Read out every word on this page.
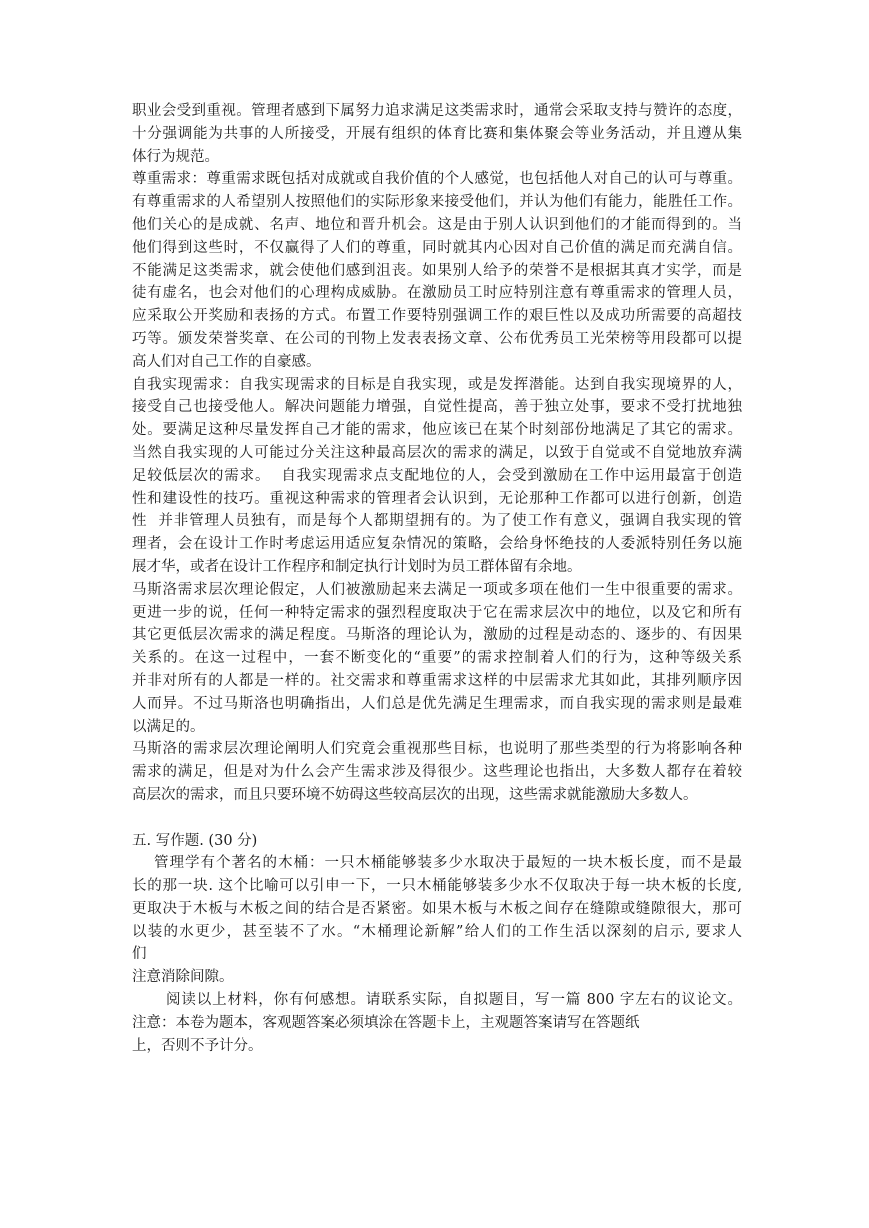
职业会受到重视。管理者感到下属努力追求满足这类需求时，通常会采取支持与赞许的态度，
十分强调能为共事的人所接受，开展有组织的体育比赛和集体聚会等业务活动，并且遵从集
体行为规范。
尊重需求：尊重需求既包括对成就或自我价值的个人感觉，也包括他人对自己的认可与尊重。
有尊重需求的人希望别人按照他们的实际形象来接受他们，并认为他们有能力，能胜任工作。
他们关心的是成就、名声、地位和晋升机会。这是由于别人认识到他们的才能而得到的。当
他们得到这些时，不仅赢得了人们的尊重，同时就其内心因对自己价值的满足而充满自信。
不能满足这类需求，就会使他们感到沮丧。如果别人给予的荣誉不是根据其真才实学，而是
徒有虚名，也会对他们的心理构成威胁。在激励员工时应特别注意有尊重需求的管理人员，
应采取公开奖励和表扬的方式。布置工作要特别强调工作的艰巨性以及成功所需要的高超技
巧等。颁发荣誉奖章、在公司的刊物上发表表扬文章、公布优秀员工光荣榜等用段都可以提
高人们对自己工作的自豪感。
自我实现需求：自我实现需求的目标是自我实现，或是发挥潜能。达到自我实现境界的人，
接受自己也接受他人。解决问题能力增强，自觉性提高，善于独立处事，要求不受打扰地独
处。要满足这种尽量发挥自己才能的需求，他应该已在某个时刻部份地满足了其它的需求。
当然自我实现的人可能过分关注这种最高层次的需求的满足，以致于自觉或不自觉地放弃满
足较低层次的需求。  自我实现需求点支配地位的人，会受到激励在工作中运用最富于创造
性和建设性的技巧。重视这种需求的管理者会认识到，无论那种工作都可以进行创新，创造
性  并非管理人员独有，而是每个人都期望拥有的。为了使工作有意义，强调自我实现的管
理者，会在设计工作时考虑运用适应复杂情况的策略，会给身怀绝技的人委派特别任务以施
展才华，或者在设计工作程序和制定执行计划时为员工群体留有余地。
马斯洛需求层次理论假定，人们被激励起来去满足一项或多项在他们一生中很重要的需求。
更进一步的说，任何一种特定需求的强烈程度取决于它在需求层次中的地位，以及它和所有
其它更低层次需求的满足程度。马斯洛的理论认为，激励的过程是动态的、逐步的、有因果
关系的。在这一过程中，一套不断变化的“重要”的需求控制着人们的行为，这种等级关系
并非对所有的人都是一样的。社交需求和尊重需求这样的中层需求尤其如此，其排列顺序因
人而异。不过马斯洛也明确指出，人们总是优先满足生理需求，而自我实现的需求则是最难
以满足的。
马斯洛的需求层次理论阐明人们究竟会重视那些目标，也说明了那些类型的行为将影响各种
需求的满足，但是对为什么会产生需求涉及得很少。这些理论也指出，大多数人都存在着较
高层次的需求，而且只要环境不妨碍这些较高层次的出现，这些需求就能激励大多数人。
五. 写作题. (30 分)
管理学有个著名的木桶：一只木桶能够装多少水取决于最短的一块木板长度，而不是最
长的那一块. 这个比喻可以引申一下，一只木桶能够装多少水不仅取决于每一块木板的长度,
更取决于木板与木板之间的结合是否紧密。如果木板与木板之间存在缝隙或缝隙很大，那可
以装的水更少，甚至装不了水。“木桶理论新解”给人们的工作生活以深刻的启示, 要求人
们
注意消除间隙。
阅读以上材料，你有何感想。请联系实际，自拟题目，写一篇 800 字左右的议论文。
注意：本卷为题本，客观题答案必须填涂在答题卡上，主观题答案请写在答题纸
上，否则不予计分。
